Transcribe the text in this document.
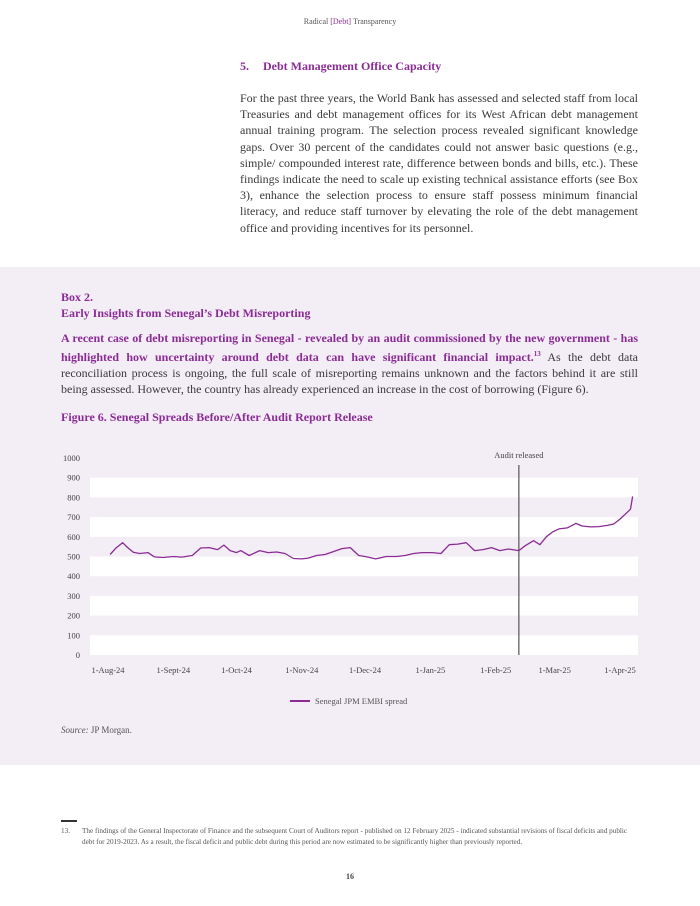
Radical [Debt] Transparency
5. Debt Management Office Capacity
For the past three years, the World Bank has assessed and selected staff from local Treasuries and debt management offices for its West African debt management annual training program. The selection process revealed significant knowledge gaps. Over 30 percent of the candidates could not answer basic questions (e.g., simple/ compounded interest rate, difference between bonds and bills, etc.). These findings indicate the need to scale up existing technical assistance efforts (see Box 3), enhance the selection process to ensure staff possess minimum financial literacy, and reduce staff turnover by elevating the role of the debt management office and providing incentives for its personnel.
Box 2.
Early Insights from Senegal’s Debt Misreporting
A recent case of debt misreporting in Senegal - revealed by an audit commissioned by the new government - has highlighted how uncertainty around debt data can have significant financial impact.$^{13}$ As the debt data reconciliation process is ongoing, the full scale of misreporting remains unknown and the factors behind it are still being assessed. However, the country has already experienced an increase in the cost of borrowing (Figure 6).
Figure 6. Senegal Spreads Before/After Audit Report Release
0
100
200
300
400
500
600
700
800
900
1000
1-Aug-24	1-Sept-24	1-Oct-24	1-Nov-24	1-Dec-24	1-Jan-25	1-Feb-25	1-Mar-25	1-Apr-25
Audit released
Senegal JPM EMBI spread
Source: JP Morgan.
13.	The findings of the General Inspectorate of Finance and the subsequent Court of Auditors report - published on 12 February 2025 - indicated substantial revisions of fiscal deficits and public debt for 2019-2023. As a result, the fiscal deficit and public debt during this period are now estimated to be significantly higher than previously reported.
16
